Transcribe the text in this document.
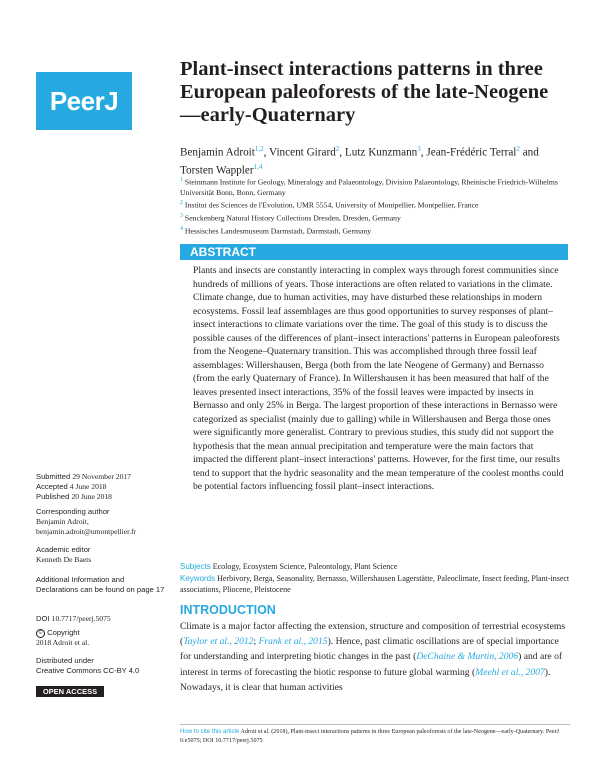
PeerJ
Plant-insect interactions patterns in three European paleoforests of the late-Neogene—early-Quaternary
Benjamin Adroit$^{1,2}$, Vincent Girard$^2$, Lutz Kunzmann$^3$, Jean-Frédéric Terral$^2$ and Torsten Wappler$^{1,4}$
$^1$ Steinmann Institute for Geology, Mineralogy and Palaeontology, Division Palaeontology, Rheinische Friedrich-Wilhelms Universität Bonn, Bonn, Germany
$^2$ Institut des Sciences de l'Evolution, UMR 5554, University of Montpellier, Montpellier, France
$^3$ Senckenberg Natural History Collections Dresden, Dresden, Germany
$^4$ Hessisches Landesmuseum Darmstadt, Darmstadt, Germany
ABSTRACT

Plants and insects are constantly interacting in complex ways through forest communities since hundreds of millions of years. Those interactions are often related to variations in the climate. Climate change, due to human activities, may have disturbed these relationships in modern ecosystems. Fossil leaf assemblages are thus good opportunities to survey responses of plant–insect interactions to climate variations over the time. The goal of this study is to discuss the possible causes of the differences of plant–insect interactions' patterns in European paleoforests from the Neogene–Quaternary transition. This was accomplished through three fossil leaf assemblages: Willershausen, Berga (both from the late Neogene of Germany) and Bernasso (from the early Quaternary of France). In Willershausen it has been measured that half of the leaves presented insect interactions, 35% of the fossil leaves were impacted by insects in Bernasso and only 25% in Berga. The largest proportion of these interactions in Bernasso were categorized as specialist (mainly due to galling) while in Willershausen and Berga those ones were significantly more generalist. Contrary to previous studies, this study did not support the hypothesis that the mean annual precipitation and temperature were the main factors that impacted the different plant–insect interactions' patterns. However, for the first time, our results tend to support that the hydric seasonality and the mean temperature of the coolest months could be potential factors influencing fossil plant–insect interactions.

Submitted 29 November 2017
Accepted 4 June 2018
Published 20 June 2018
Corresponding author
Benjamin Adroit,
benjamin.adroit@umontpellier.fr
Academic editor
Kenneth De Baets
Additional Information and Declarations can be found on page 17
DOI 10.7717/peerj.5075
© Copyright
2018 Adroit et al.
Distributed under
Creative Commons CC-BY 4.0
OPEN ACCESS
Subjects Ecology, Ecosystem Science, Paleontology, Plant Science
Keywords Herbivory, Berga, Seasonality, Bernasso, Willershausen Lagerstätte, Paleoclimate, Insect feeding, Plant-insect associations, Pliocene, Pleistocene
INTRODUCTION

Climate is a major factor affecting the extension, structure and composition of terrestrial ecosystems (Taylor et al., 2012; Frank et al., 2015). Hence, past climatic oscillations are of special importance for understanding and interpreting biotic changes in the past (DeChaine & Martin, 2006) and are of interest in terms of forecasting the biotic response to future global warming (Meehl et al., 2007). Nowadays, it is clear that human activities

How to cite this article Adroit et al. (2018), Plant-insect interactions patterns in three European paleoforests of the late-Neogene—early-Quaternary. PeerJ 6:e5075; DOI 10.7717/peerj.5075
